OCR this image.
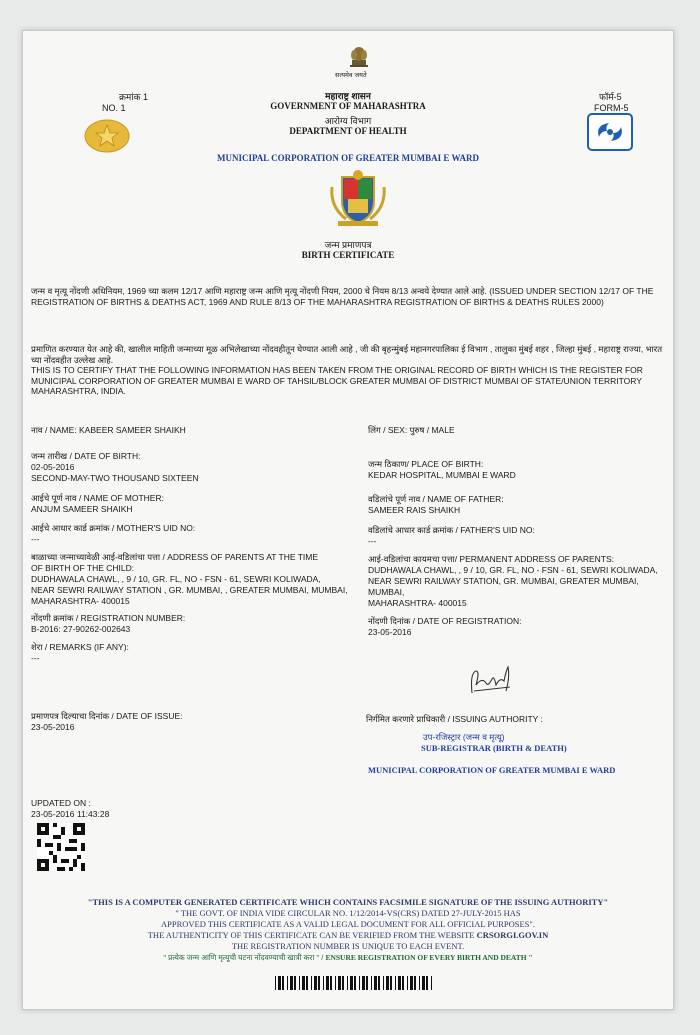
सत्यमेव जयते
महाराष्ट्र शासन
GOVERNMENT OF MAHARASHTRA
आरोग्य विभाग
DEPARTMENT OF HEALTH
क्रमांक 1
NO. 1
फॉर्म-5
FORM-5
MUNICIPAL CORPORATION OF GREATER MUMBAI E WARD
जन्म प्रमाणपत्र
BIRTH CERTIFICATE
जन्म व मृत्यू नोंदणी अधिनियम, 1969 च्या कलम 12/17 आणि महाराष्ट्र जन्म आणि मृत्यू नोंदणी नियम, 2000 चे नियम 8/13 अन्वये देण्यात आले आहे. (ISSUED UNDER SECTION 12/17 OF THE REGISTRATION OF BIRTHS & DEATHS ACT, 1969 AND RULE 8/13 OF THE MAHARASHTRA REGISTRATION OF BIRTHS & DEATHS RULES 2000)
प्रमाणित करण्यात येत आहे की, खालील माहिती जन्माच्या मूळ अभिलेखाच्या नोंदवहीतून घेण्यात आली आहे , जी की बृहन्मुंबई महानगरपालिका ई विभाग , तालुका मुंबई शहर , जिल्हा मुंबई , महाराष्ट्र राज्या, भारत च्या नोंदवहीत उल्लेख आहे.
THIS IS TO CERTIFY THAT THE FOLLOWING INFORMATION HAS BEEN TAKEN FROM THE ORIGINAL RECORD OF BIRTH WHICH IS THE REGISTER FOR MUNICIPAL CORPORATION OF GREATER MUMBAI E WARD OF TAHSIL/BLOCK GREATER MUMBAI OF DISTRICT MUMBAI OF STATE/UNION TERRITORY MAHARASHTRA, INDIA.
नाव / NAME: KABEER SAMEER SHAIKH	लिंग / SEX: पुरुष / MALE
जन्म तारीख / DATE OF BIRTH:
02-05-2016
SECOND-MAY-TWO THOUSAND SIXTEEN
जन्म ठिकाण/ PLACE OF BIRTH:
KEDAR HOSPITAL, MUMBAI E WARD
आईचे पूर्ण नाव / NAME OF MOTHER:
ANJUM SAMEER SHAIKH
वडिलांचे पूर्ण नाव / NAME OF FATHER:
SAMEER RAIS SHAIKH
आईचे आधार कार्ड क्रमांक / MOTHER'S UID NO:
---
वडिलांचे आधार कार्ड क्रमांक / FATHER'S UID NO:
---
बाळाच्या जन्माच्यावेळी आई-वडिलांचा पत्ता / ADDRESS OF PARENTS AT THE TIME
OF BIRTH OF THE CHILD:
DUDHAWALA CHAWL, , 9 / 10, GR. FL, NO - FSN - 61, SEWRI KOLIWADA,
NEAR SEWRI RAILWAY STATION , GR. MUMBAI, , GREATER MUMBAI, MUMBAI,
MAHARASHTRA- 400015
आई-वडिलांचा कायमचा पत्ता/ PERMANENT ADDRESS OF PARENTS:
DUDHAWALA CHAWL, , 9 / 10, GR. FL, NO - FSN - 61, SEWRI KOLIWADA,
NEAR SEWRI RAILWAY STATION, GR. MUMBAI, GREATER MUMBAI,
MUMBAI,
MAHARASHTRA- 400015
नोंदणी क्रमांक / REGISTRATION NUMBER:
B-2016: 27-90262-002643
नोंदणी दिनांक / DATE OF REGISTRATION:
23-05-2016
शेरा / REMARKS (IF ANY):
---
प्रमाणपत्र दिल्याचा दिनांक / DATE OF ISSUE:
23-05-2016
निर्गमित करणारे प्राधिकारी / ISSUING AUTHORITY :
उप-रजिस्ट्रार (जन्म व मृत्यू)
SUB-REGISTRAR (BIRTH & DEATH)
MUNICIPAL CORPORATION OF GREATER MUMBAI E WARD
UPDATED ON :
23-05-2016 11:43:28
"THIS IS A COMPUTER GENERATED CERTIFICATE WHICH CONTAINS FACSIMILE SIGNATURE OF THE ISSUING AUTHORITY"
" THE GOVT. OF INDIA VIDE CIRCULAR NO. 1/12/2014-VS(CRS) DATED 27-JULY-2015 HAS
APPROVED THIS CERTIFICATE AS A VALID LEGAL DOCUMENT FOR ALL OFFICIAL PURPOSES".
THE AUTHENTICITY OF THIS CERTIFICATE CAN BE VERIFIED FROM THE WEBSITE CRSORGI.GOV.IN
THE REGISTRATION NUMBER IS UNIQUE TO EACH EVENT.
" प्रत्येक जन्म आणि मृत्यूची घटना नोंदवण्याची खात्री करा " / ENSURE REGISTRATION OF EVERY BIRTH AND DEATH "
